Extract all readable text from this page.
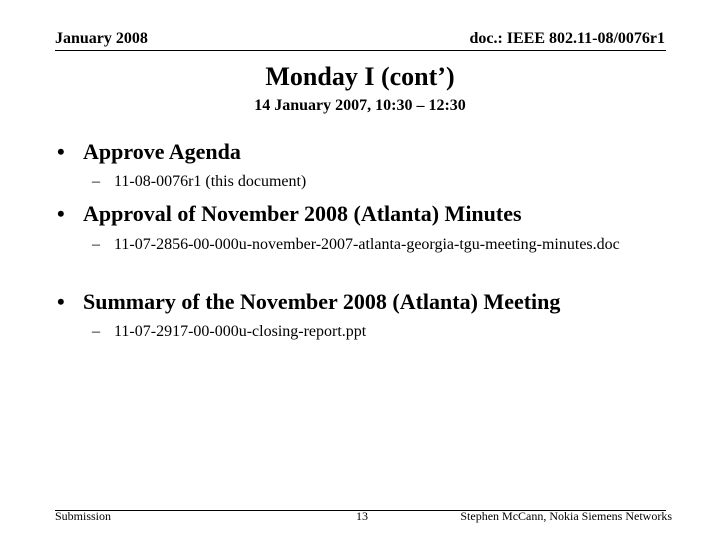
January 2008	doc.: IEEE 802.11-08/0076r1
Monday I (cont’)
14 January 2007, 10:30 – 12:30
• Approve Agenda
– 11-08-0076r1 (this document)
• Approval of November 2008 (Atlanta) Minutes
– 11-07-2856-00-000u-november-2007-atlanta-georgia-tgu-meeting-minutes.doc
• Summary of the November 2008 (Atlanta) Meeting
– 11-07-2917-00-000u-closing-report.ppt
Submission	13	Stephen McCann, Nokia Siemens Networks
